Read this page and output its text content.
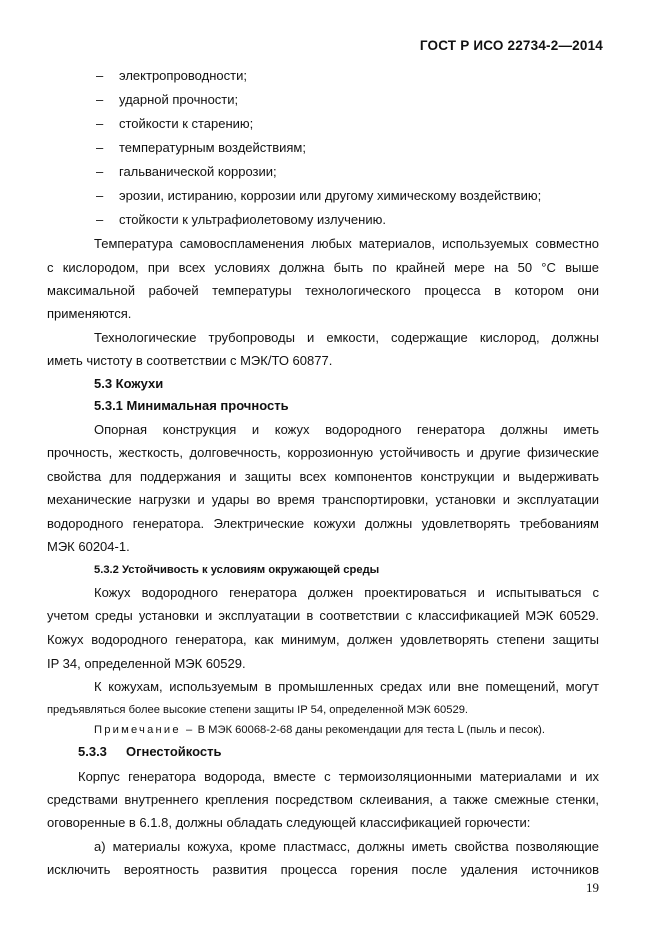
ГОСТ Р ИСО 22734-2—2014
– электропроводности;
– ударной прочности;
– стойкости к старению;
– температурным воздействиям;
– гальванической коррозии;
– эрозии, истиранию, коррозии или другому химическому воздействию;
– стойкости к ультрафиолетовому излучению.
Температура самовоспламенения любых материалов, используемых совместно
с кислородом, при всех условиях должна быть по крайней мере на 50 °С выше
максимальной рабочей температуры технологического процесса в котором они
применяются.
Технологические трубопроводы и емкости, содержащие кислород, должны
иметь чистоту в соответствии с МЭК/ТО 60877.
5.3 Кожухи
5.3.1 Минимальная прочность
Опорная конструкция и кожух водородного генератора должны иметь
прочность, жесткость, долговечность, коррозионную устойчивость и другие физические
свойства для поддержания и защиты всех компонентов конструкции и выдерживать
механические нагрузки и удары во время транспортировки, установки и эксплуатации
водородного генератора. Электрические кожухи должны удовлетворять требованиям
МЭК 60204-1.
5.3.2 Устойчивость к условиям окружающей среды
Кожух водородного генератора должен проектироваться и испытываться с
учетом среды установки и эксплуатации в соответствии с классификацией МЭК 60529.
Кожух водородного генератора, как минимум, должен удовлетворять степени защиты
IP 34, определенной МЭК 60529.
К кожухам, используемым в промышленных средах или вне помещений, могут
предъявляться более высокие степени защиты IP 54, определенной МЭК 60529.
Примечание – В МЭК 60068-2-68 даны рекомендации для теста L (пыль и песок).
5.3.3 Огнестойкость
Корпус генератора водорода, вместе с термоизоляционными материалами и их
средствами внутреннего крепления посредством склеивания, а также смежные стенки,
оговоренные в 6.1.8, должны обладать следующей классификацией горючести:
а) материалы кожуха, кроме пластмасс, должны иметь свойства позволяющие
исключить вероятность развития процесса горения после удаления источников
19
